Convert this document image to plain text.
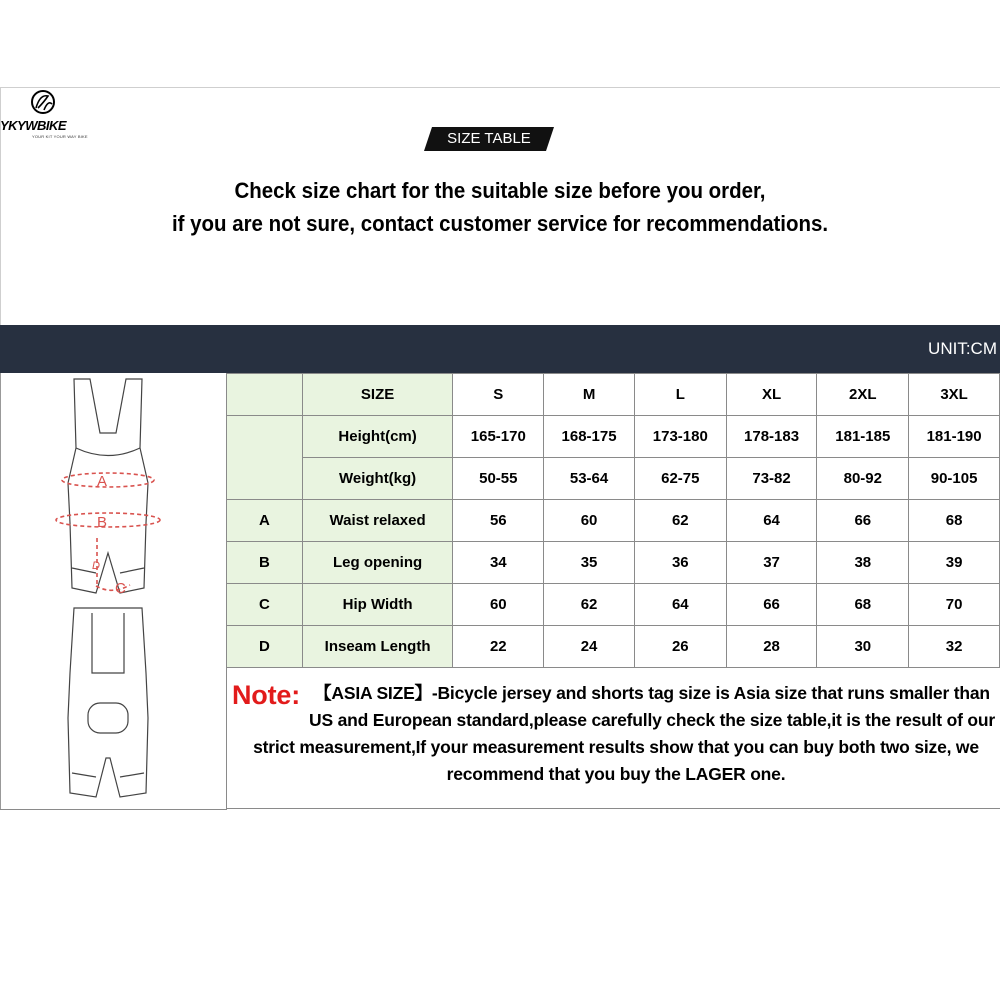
YKYWBIKE
YOUR KIT YOUR WAY BIKE	SIZE TABLE
Check size chart for the suitable size before you order,
if you are not sure, contact customer service for recommendations.
UNIT:CM
A
B
D
C
	SIZE	S	M	L	XL	2XL	3XL
	Height(cm)	165-170	168-175	173-180	178-183	181-185	181-190
	Weight(kg)	50-55	53-64	62-75	73-82	80-92	90-105
A	Waist relaxed	56	60	62	64	66	68
B	Leg opening	34	35	36	37	38	39
C	Hip Width	60	62	64	66	68	70
D	Inseam Length	22	24	26	28	30	32
Note: 【ASIA SIZE】-Bicycle jersey and shorts tag size is Asia size that runs smaller than US and European standard,please carefully check the size table,it is the result of our strict measurement,If your measurement results show that you can buy both two size, we recommend that you buy the LAGER one.
